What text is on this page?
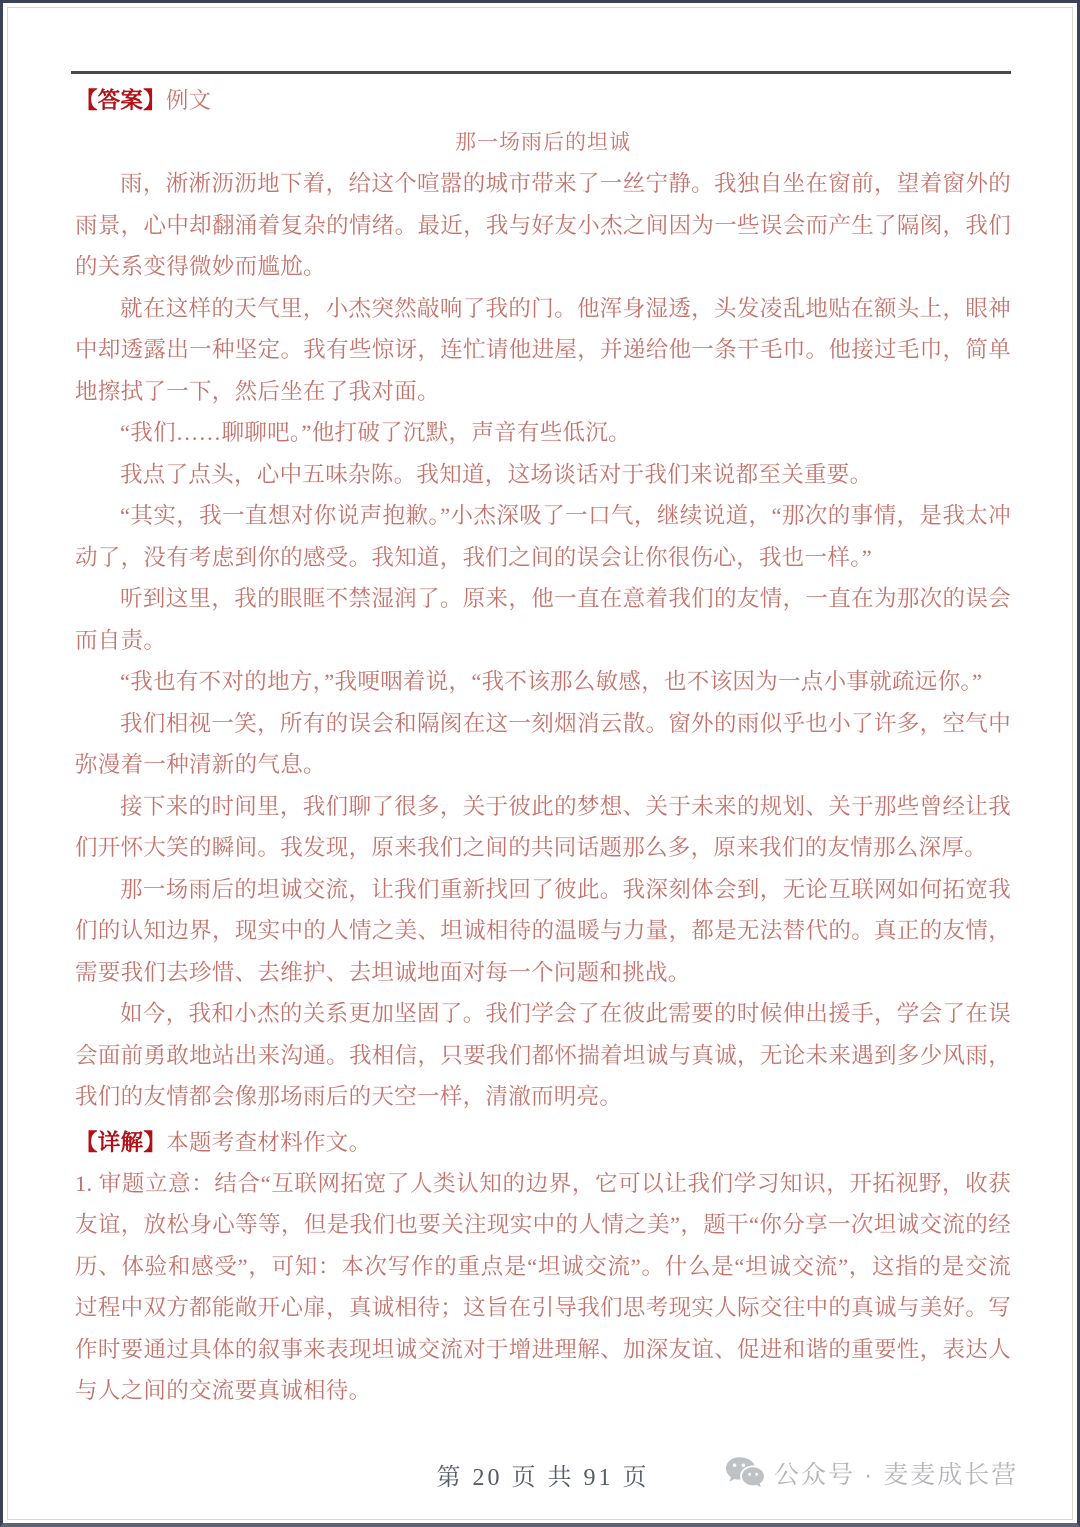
【答案】例文
那一场雨后的坦诚

雨，淅淅沥沥地下着，给这个喧嚣的城市带来了一丝宁静。我独自坐在窗前，望着窗外的雨景，心中却翻涌着复杂的情绪。最近，我与好友小杰之间因为一些误会而产生了隔阂，我们的关系变得微妙而尴尬。

就在这样的天气里，小杰突然敲响了我的门。他浑身湿透，头发凌乱地贴在额头上，眼神中却透露出一种坚定。我有些惊讶，连忙请他进屋，并递给他一条干毛巾。他接过毛巾，简单地擦拭了一下，然后坐在了我对面。

“我们……聊聊吧。”他打破了沉默，声音有些低沉。

我点了点头，心中五味杂陈。我知道，这场谈话对于我们来说都至关重要。

“其实，我一直想对你说声抱歉。”小杰深吸了一口气，继续说道，“那次的事情，是我太冲动了，没有考虑到你的感受。我知道，我们之间的误会让你很伤心，我也一样。”

听到这里，我的眼眶不禁湿润了。原来，他一直在意着我们的友情，一直在为那次的误会而自责。

“我也有不对的地方，”我哽咽着说，“我不该那么敏感，也不该因为一点小事就疏远你。”

我们相视一笑，所有的误会和隔阂在这一刻烟消云散。窗外的雨似乎也小了许多，空气中弥漫着一种清新的气息。

接下来的时间里，我们聊了很多，关于彼此的梦想、关于未来的规划、关于那些曾经让我们开怀大笑的瞬间。我发现，原来我们之间的共同话题那么多，原来我们的友情那么深厚。

那一场雨后的坦诚交流，让我们重新找回了彼此。我深刻体会到，无论互联网如何拓宽我们的认知边界，现实中的人情之美、坦诚相待的温暖与力量，都是无法替代的。真正的友情，需要我们去珍惜、去维护、去坦诚地面对每一个问题和挑战。

如今，我和小杰的关系更加坚固了。我们学会了在彼此需要的时候伸出援手，学会了在误会面前勇敢地站出来沟通。我相信，只要我们都怀揣着坦诚与真诚，无论未来遇到多少风雨，我们的友情都会像那场雨后的天空一样，清澈而明亮。

【详解】本题考查材料作文。

1. 审题立意：结合“互联网拓宽了人类认知的边界，它可以让我们学习知识，开拓视野，收获友谊，放松身心等等，但是我们也要关注现实中的人情之美”，题干“你分享一次坦诚交流的经历、体验和感受”，可知：本次写作的重点是“坦诚交流”。什么是“坦诚交流”，这指的是交流过程中双方都能敞开心扉，真诚相待；这旨在引导我们思考现实人际交往中的真诚与美好。写作时要通过具体的叙事来表现坦诚交流对于增进理解、加深友谊、促进和谐的重要性，表达人与人之间的交流要真诚相待。

第 20 页 共 91 页	公众号 · 麦麦成长营
